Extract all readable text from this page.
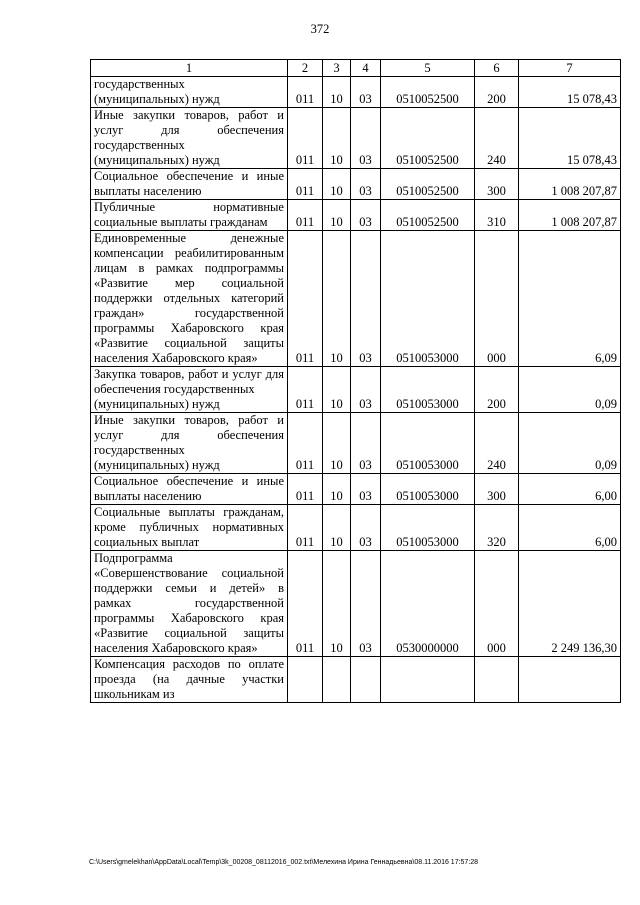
372
1	2	3	4	5	6	7
государственных
(муниципальных) нужд	011	10	03	0510052500	200	15 078,43
Иные закупки товаров, работ и услуг для обеспечения государственных
(муниципальных) нужд	011	10	03	0510052500	240	15 078,43
Социальное обеспечение и иные выплаты населению	011	10	03	0510052500	300	1 008 207,87
Публичные нормативные социальные выплаты гражданам	011	10	03	0510052500	310	1 008 207,87
Единовременные денежные компенсации реабилитированным лицам в рамках подпрограммы «Развитие мер социальной поддержки отдельных категорий граждан» государственной программы Хабаровского края «Развитие социальной защиты населения Хабаровского края»	011	10	03	0510053000	000	6,09
Закупка товаров, работ и услуг для обеспечения государственных
(муниципальных) нужд	011	10	03	0510053000	200	0,09
Иные закупки товаров, работ и услуг для обеспечения государственных
(муниципальных) нужд	011	10	03	0510053000	240	0,09
Социальное обеспечение и иные выплаты населению	011	10	03	0510053000	300	6,00
Социальные выплаты гражданам, кроме публичных нормативных социальных выплат	011	10	03	0510053000	320	6,00
Подпрограмма «Совершенствование социальной поддержки семьи и детей» в рамках государственной программы Хабаровского края «Развитие социальной защиты населения Хабаровского края»	011	10	03	0530000000	000	2 249 136,30
Компенсация расходов по оплате проезда (на дачные участки школьникам из						
C:\Users\gmelekhan\AppData\Local\Temp\3k_00208_08112016_002.txt\Мелехина Ирина Геннадьевна\08.11.2016 17:57:28
